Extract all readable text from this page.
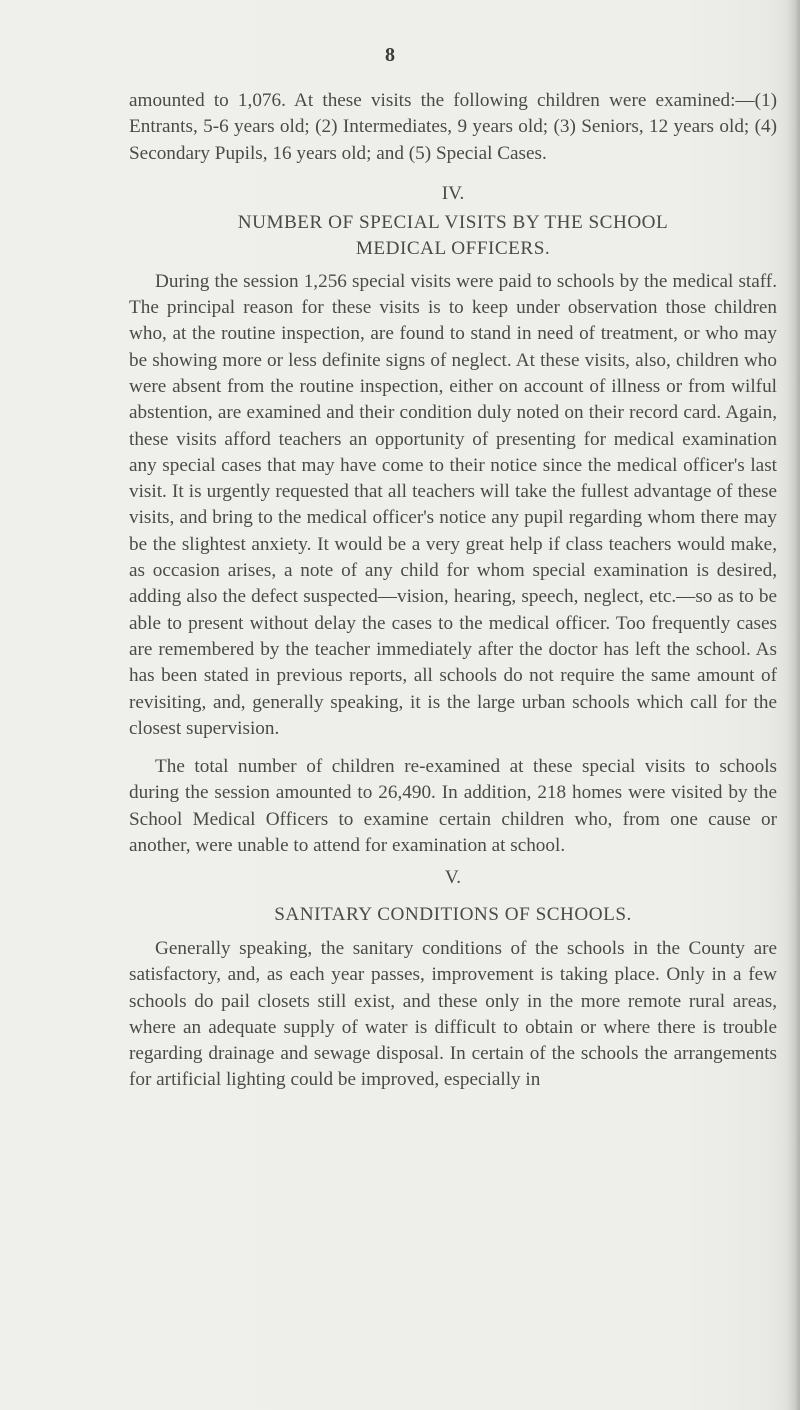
8

amounted to 1,076. At these visits the following children were examined:—(1) Entrants, 5-6 years old; (2) Intermediates, 9 years old; (3) Seniors, 12 years old; (4) Secondary Pupils, 16 years old; and (5) Special Cases.

IV.
NUMBER OF SPECIAL VISITS BY THE SCHOOL
MEDICAL OFFICERS.

During the session 1,256 special visits were paid to schools by the medical staff. The principal reason for these visits is to keep under observation those children who, at the routine inspection, are found to stand in need of treatment, or who may be showing more or less definite signs of neglect. At these visits, also, children who were absent from the routine inspection, either on account of illness or from wilful abstention, are examined and their condition duly noted on their record card. Again, these visits afford teachers an opportunity of presenting for medical examination any special cases that may have come to their notice since the medical officer's last visit. It is urgently requested that all teachers will take the fullest advantage of these visits, and bring to the medical officer's notice any pupil regarding whom there may be the slightest anxiety. It would be a very great help if class teachers would make, as occasion arises, a note of any child for whom special examination is desired, adding also the defect suspected—vision, hearing, speech, neglect, etc.—so as to be able to present without delay the cases to the medical officer. Too frequently cases are remembered by the teacher immediately after the doctor has left the school. As has been stated in previous reports, all schools do not require the same amount of revisiting, and, generally speaking, it is the large urban schools which call for the closest supervision.

The total number of children re-examined at these special visits to schools during the session amounted to 26,490. In addition, 218 homes were visited by the School Medical Officers to examine certain children who, from one cause or another, were unable to attend for examination at school.

V.
SANITARY CONDITIONS OF SCHOOLS.

Generally speaking, the sanitary conditions of the schools in the County are satisfactory, and, as each year passes, improvement is taking place. Only in a few schools do pail closets still exist, and these only in the more remote rural areas, where an adequate supply of water is difficult to obtain or where there is trouble regarding drainage and sewage disposal. In certain of the schools the arrangements for artificial lighting could be improved, especially in
